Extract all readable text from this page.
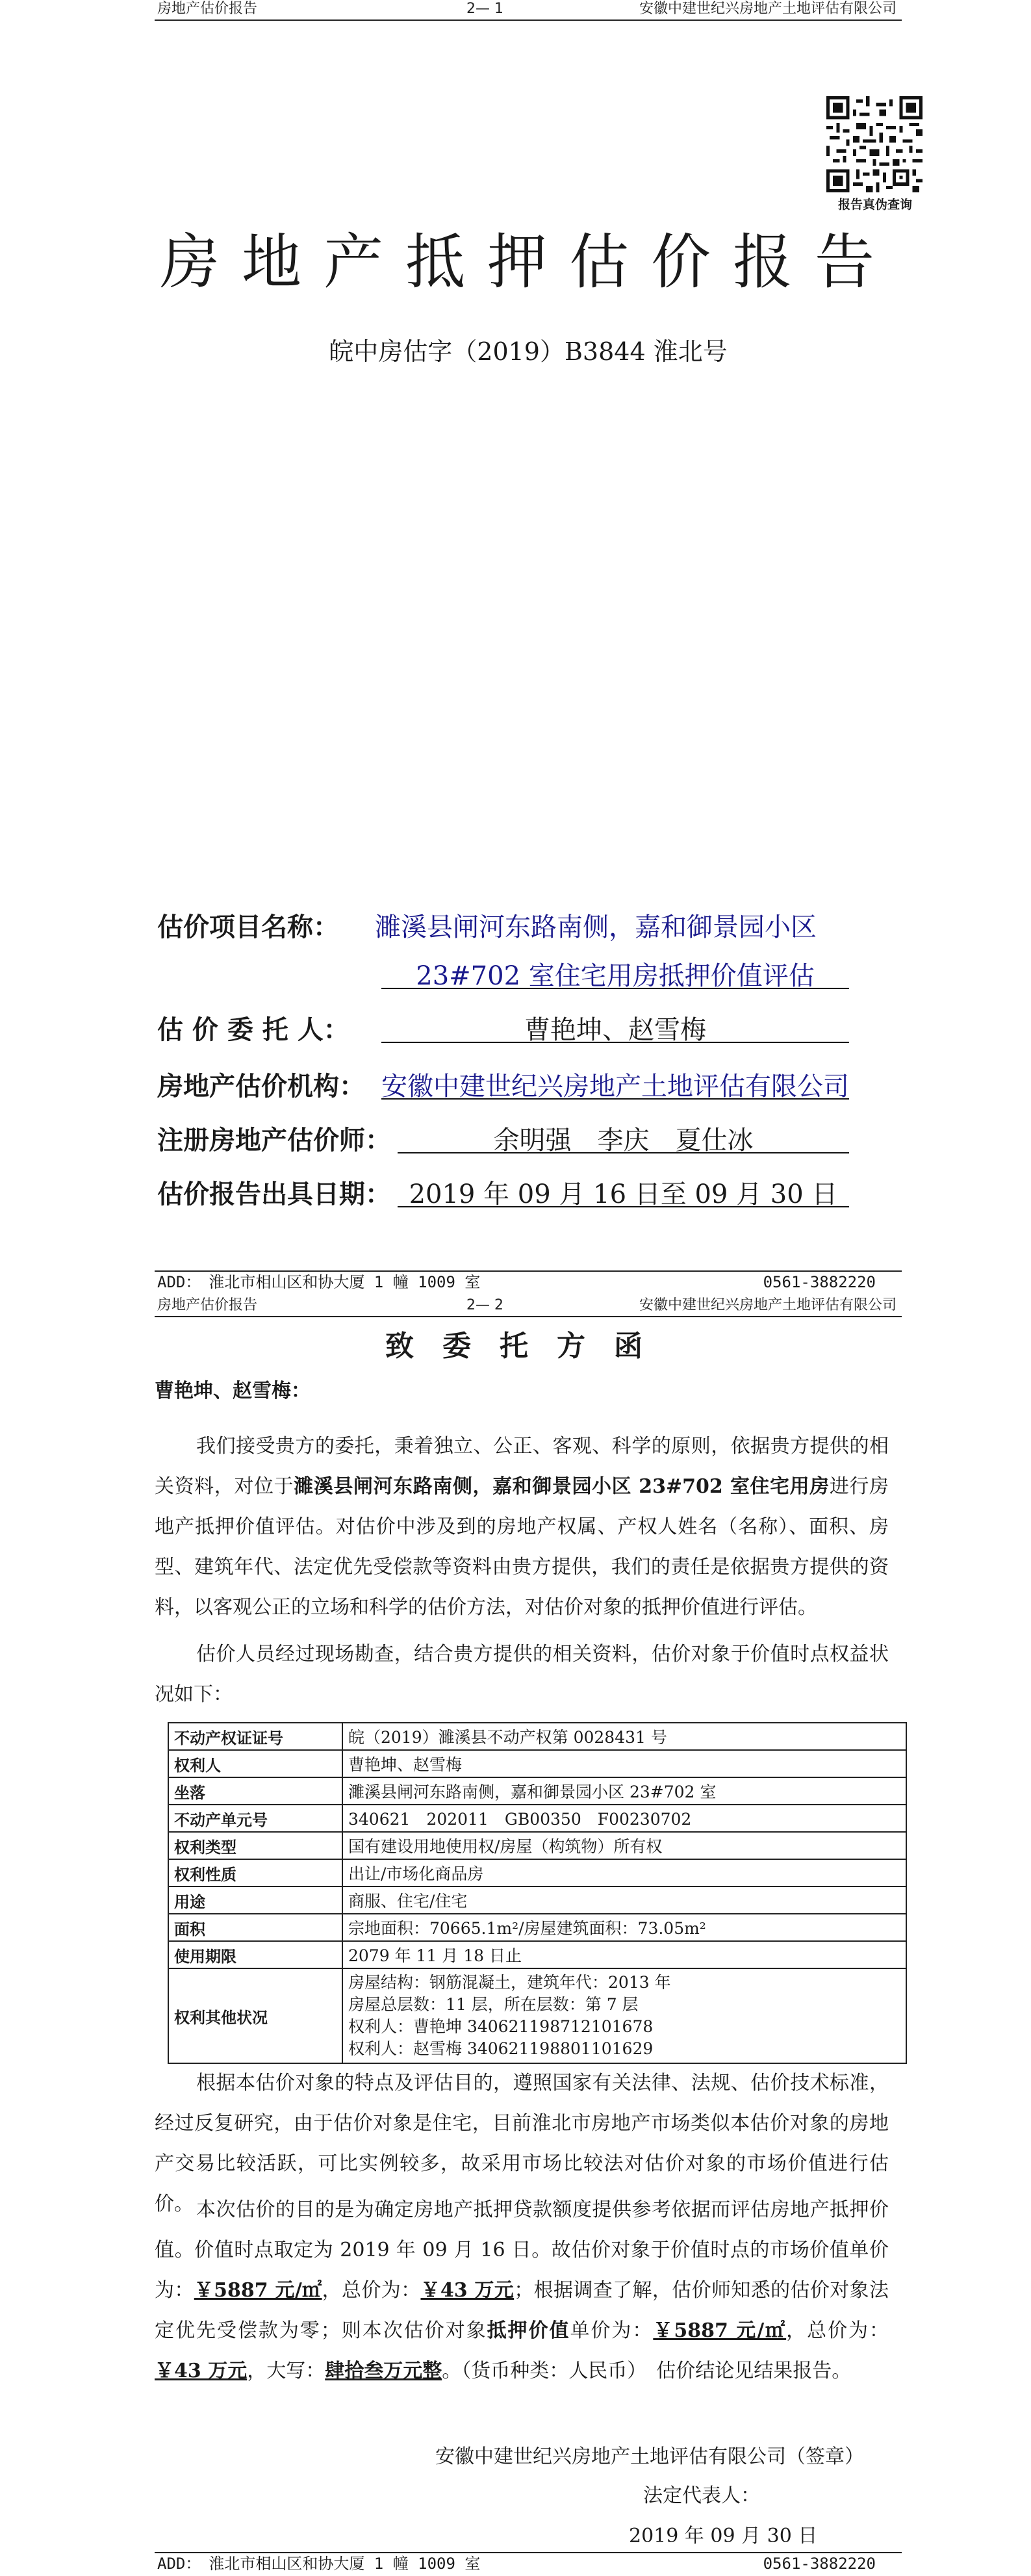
房地产估价报告	2— 1	安徽中建世纪兴房地产土地评估有限公司
报告真伪查询
房地产抵押估价报告
皖中房估字（2019）B3844 淮北号
估价项目名称： 濉溪县闸河东路南侧，嘉和御景园小区
23#702 室住宅用房抵押价值评估
估 价 委 托 人：	曹艳坤、赵雪梅
房地产估价机构： 安徽中建世纪兴房地产土地评估有限公司
注册房地产估价师：	余明强　李庆　夏仕冰
估价报告出具日期： 2019 年 09 月 16 日至 09 月 30 日
ADD：　淮北市相山区和协大厦 1 幢 1009 室	0561-3882220
房地产估价报告	2— 2	安徽中建世纪兴房地产土地评估有限公司
致委托方函
曹艳坤、赵雪梅：
我们接受贵方的委托，秉着独立、公正、客观、科学的原则，依据贵方提供的相关资料，对位于濉溪县闸河东路南侧，嘉和御景园小区 23#702 室住宅用房进行房地产抵押价值评估。对估价中涉及到的房地产权属、产权人姓名（名称）、面积、房型、建筑年代、法定优先受偿款等资料由贵方提供，我们的责任是依据贵方提供的资料，以客观公正的立场和科学的估价方法，对估价对象的抵押价值进行评估。
估价人员经过现场勘查，结合贵方提供的相关资料，估价对象于价值时点权益状况如下：
不动产权证证号	皖（2019）濉溪县不动产权第 0028431 号
权利人	曹艳坤、赵雪梅
坐落	濉溪县闸河东路南侧，嘉和御景园小区 23#702 室
不动产单元号	340621　202011　GB00350　F00230702
权利类型	国有建设用地使用权/房屋（构筑物）所有权
权利性质	出让/市场化商品房
用途	商服、住宅/住宅
面积	宗地面积：70665.1m²/房屋建筑面积：73.05m²
使用期限	2079 年 11 月 18 日止
权利其他状况	房屋结构：钢筋混凝土，建筑年代：2013 年
房屋总层数：11 层，所在层数：第 7 层
权利人：曹艳坤 340621198712101678
权利人：赵雪梅 340621198801101629
根据本估价对象的特点及评估目的，遵照国家有关法律、法规、估价技术标准，经过反复研究，由于估价对象是住宅，目前淮北市房地产市场类似本估价对象的房地产交易比较活跃，可比实例较多，故采用市场比较法对估价对象的市场价值进行估价。 本次估价的目的是为确定房地产抵押贷款额度提供参考依据而评估房地产抵押价值。价值时点取定为 2019 年 09 月 16 日。故估价对象于价值时点的市场价值单价为：￥5887 元/㎡，总价为：￥43 万元；根据调查了解，估价师知悉的估价对象法定优先受偿款为零；则本次估价对象抵押价值单价为：￥5887 元/㎡，总价为：￥43 万元，大写：肆拾叁万元整。（货币种类：人民币）　估价结论见结果报告。
安徽中建世纪兴房地产土地评估有限公司（签章）
法定代表人：
2019 年 09 月 30 日
ADD：　淮北市相山区和协大厦 1 幢 1009 室	0561-3882220
